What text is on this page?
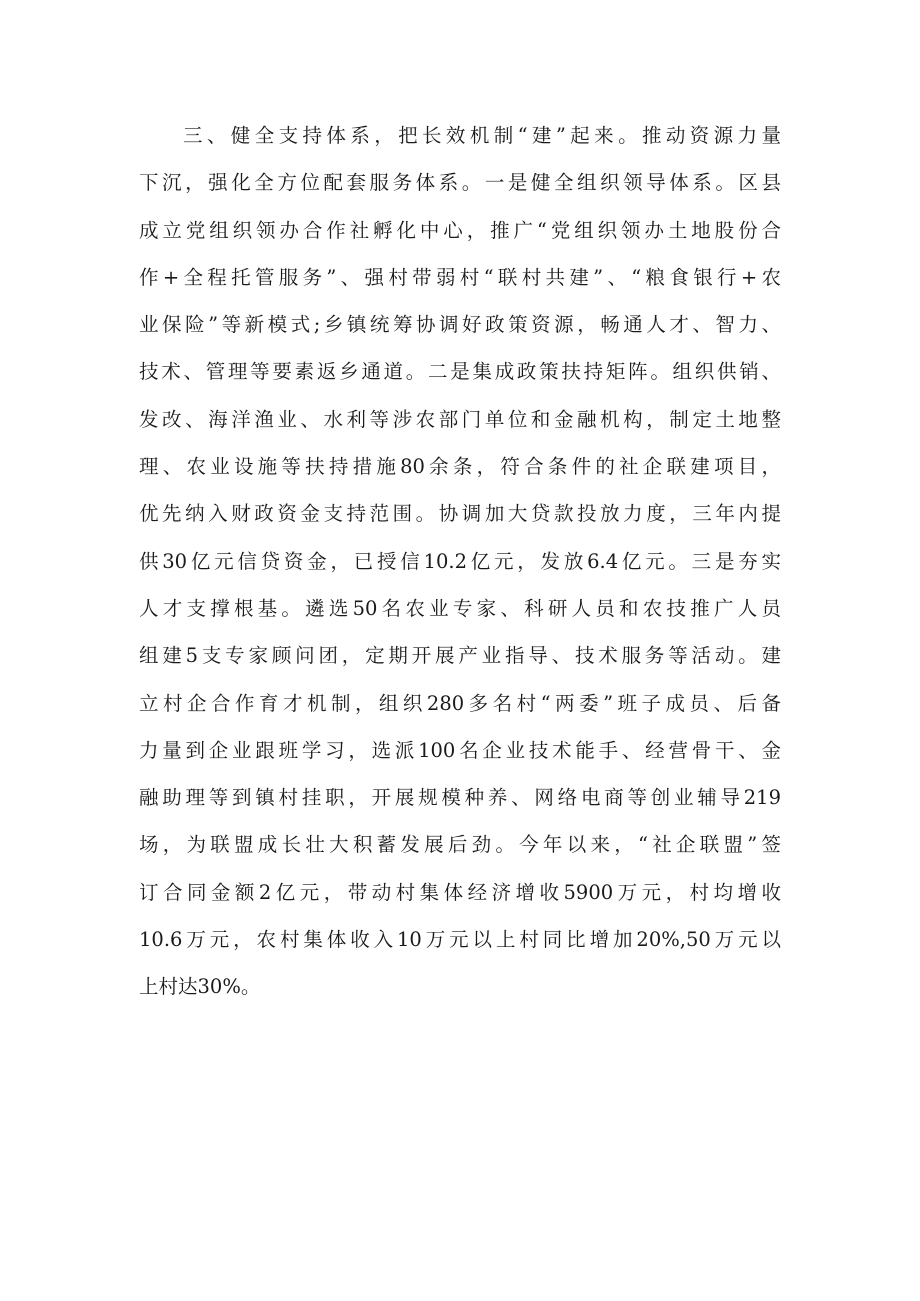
三、健全支持体系，把长效机制“建”起来。推动资源力量
下沉，强化全方位配套服务体系。一是健全组织领导体系。区县
成立党组织领办合作社孵化中心，推广“党组织领办土地股份合
作+全程托管服务”、强村带弱村“联村共建”、“粮食银行+农
业保险”等新模式;乡镇统筹协调好政策资源，畅通人才、智力、
技术、管理等要素返乡通道。二是集成政策扶持矩阵。组织供销、
发改、海洋渔业、水利等涉农部门单位和金融机构，制定土地整
理、农业设施等扶持措施80余条，符合条件的社企联建项目，
优先纳入财政资金支持范围。协调加大贷款投放力度，三年内提
供30亿元信贷资金，已授信10.2亿元，发放6.4亿元。三是夯实
人才支撑根基。遴选50名农业专家、科研人员和农技推广人员
组建5支专家顾问团，定期开展产业指导、技术服务等活动。建
立村企合作育才机制，组织280多名村“两委”班子成员、后备
力量到企业跟班学习，选派100名企业技术能手、经营骨干、金
融助理等到镇村挂职，开展规模种养、网络电商等创业辅导219
场，为联盟成长壮大积蓄发展后劲。今年以来，“社企联盟”签
订合同金额2亿元，带动村集体经济增收5900万元，村均增收
10.6万元，农村集体收入10万元以上村同比增加20%,50万元以
上村达30%。
